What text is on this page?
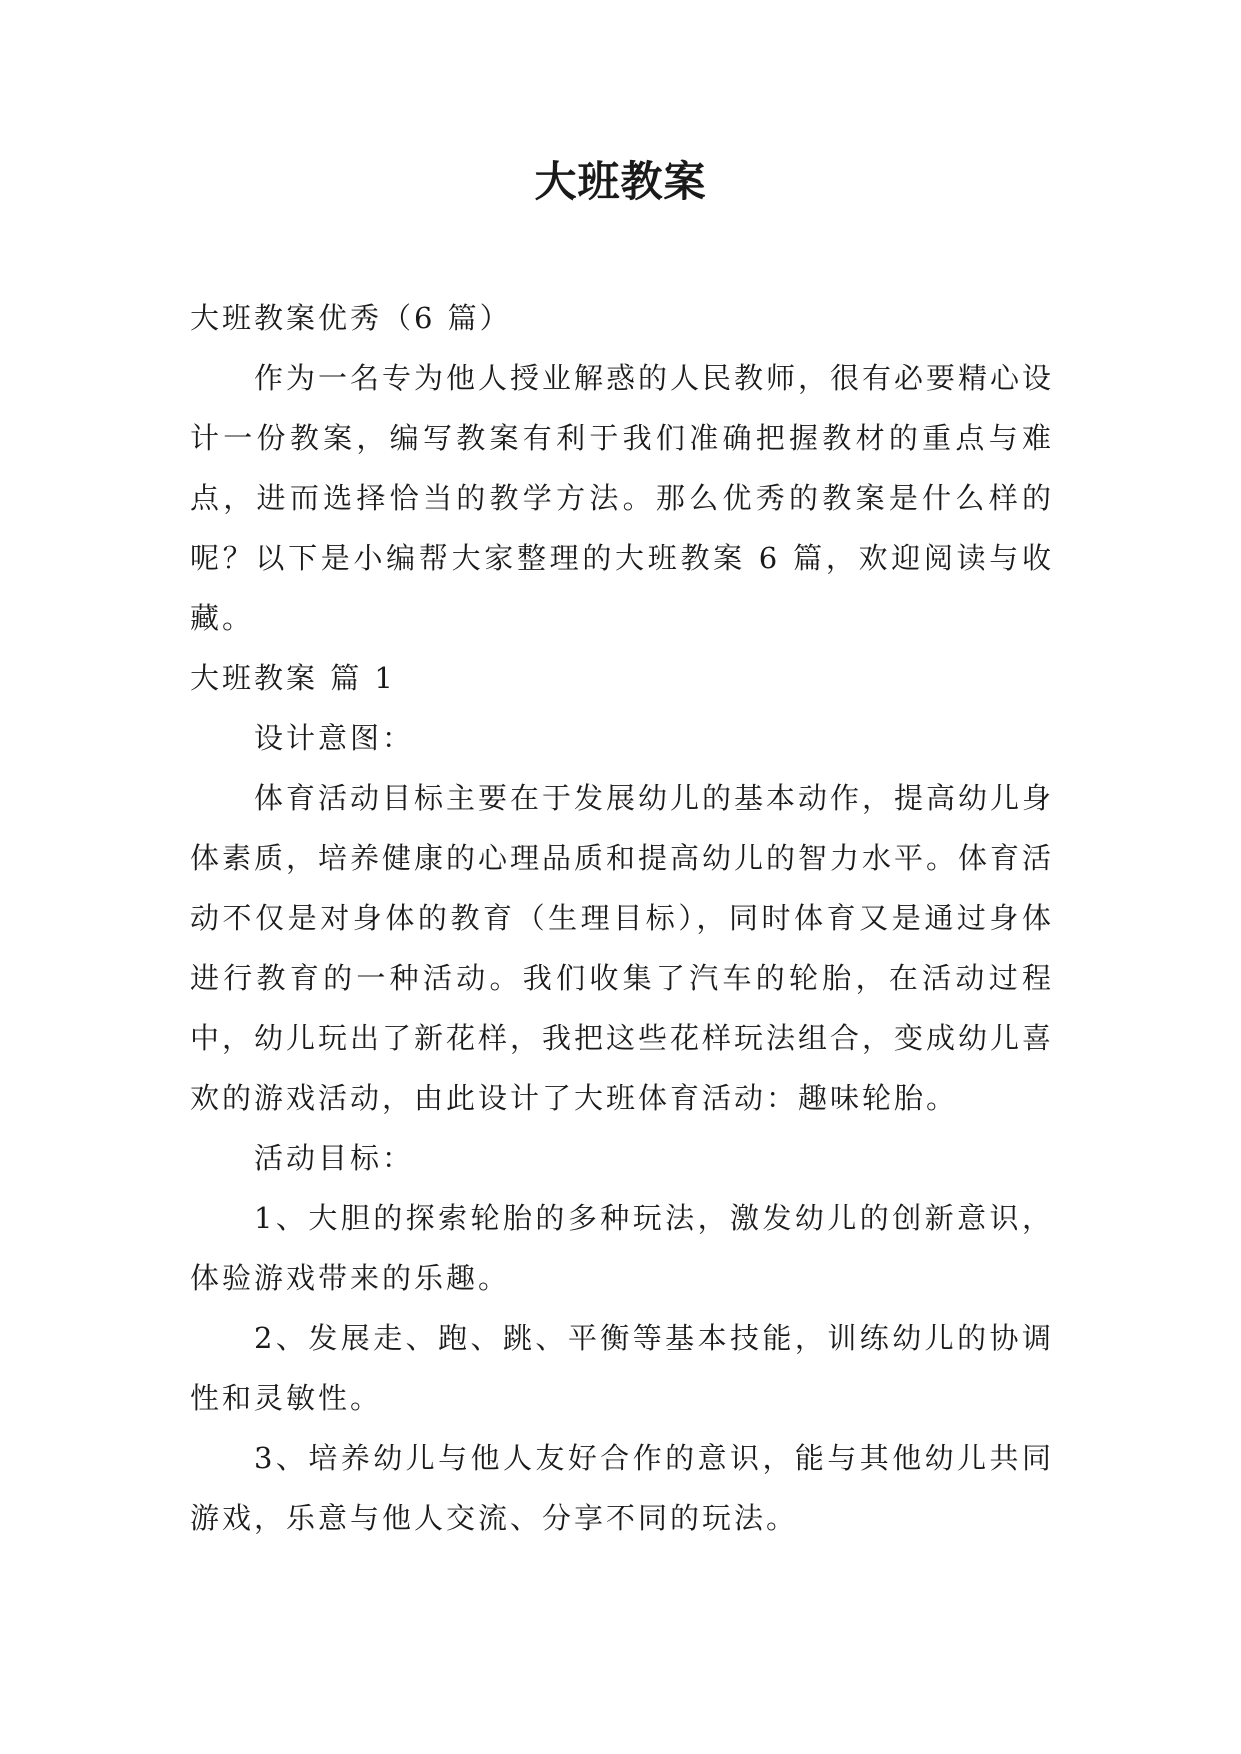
大班教案

大班教案优秀（6 篇）

作为一名专为他人授业解惑的人民教师，很有必要精心设计一份教案，编写教案有利于我们准确把握教材的重点与难点，进而选择恰当的教学方法。那么优秀的教案是什么样的呢？以下是小编帮大家整理的大班教案 6 篇，欢迎阅读与收藏。

大班教案 篇 1

设计意图：

体育活动目标主要在于发展幼儿的基本动作，提高幼儿身体素质，培养健康的心理品质和提高幼儿的智力水平。体育活动不仅是对身体的教育（生理目标），同时体育又是通过身体进行教育的一种活动。我们收集了汽车的轮胎，在活动过程中，幼儿玩出了新花样，我把这些花样玩法组合，变成幼儿喜欢的游戏活动，由此设计了大班体育活动：趣味轮胎。

活动目标：

1、大胆的探索轮胎的多种玩法，激发幼儿的创新意识，体验游戏带来的乐趣。

2、发展走、跑、跳、平衡等基本技能，训练幼儿的协调性和灵敏性。

3、培养幼儿与他人友好合作的意识，能与其他幼儿共同游戏，乐意与他人交流、分享不同的玩法。
